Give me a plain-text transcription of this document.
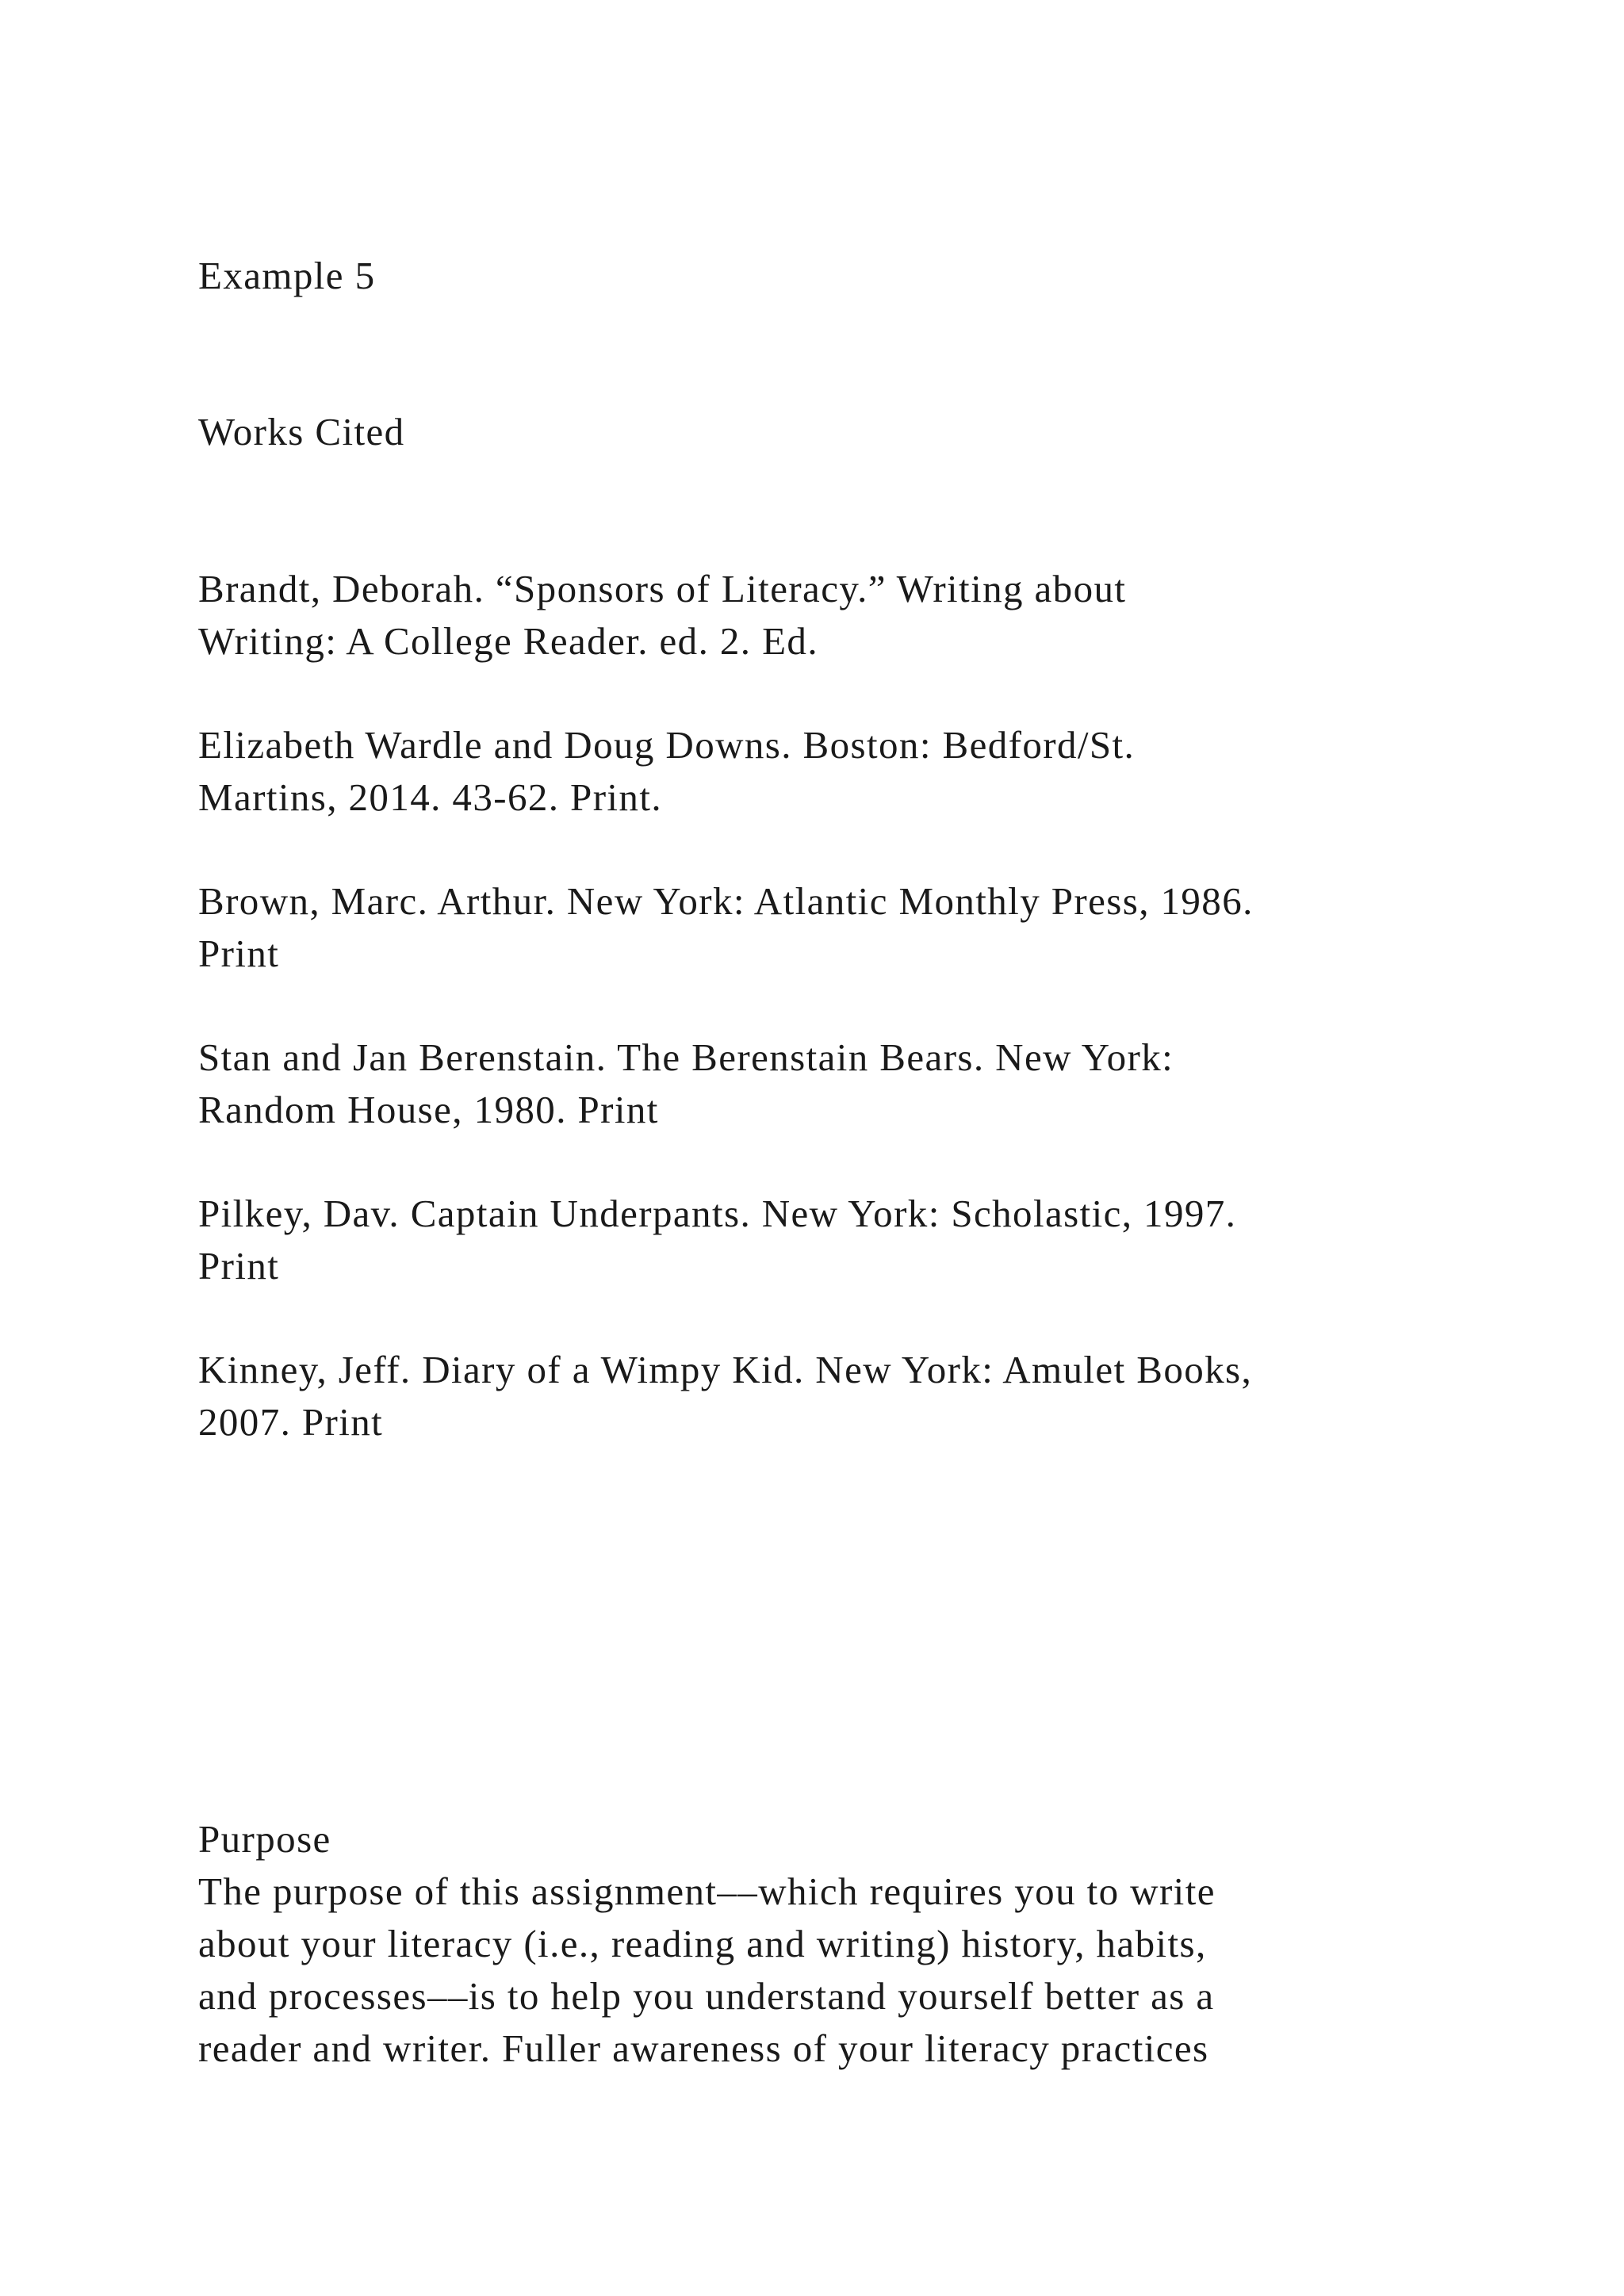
Example 5
Works Cited
Brandt, Deborah. “Sponsors of Literacy.” Writing about
Writing: A College Reader. ed. 2. Ed.
Elizabeth Wardle and Doug Downs. Boston: Bedford/St.
Martins, 2014. 43-62. Print.
Brown, Marc. Arthur. New York: Atlantic Monthly Press, 1986.
Print
Stan and Jan Berenstain. The Berenstain Bears. New York:
Random House, 1980. Print
Pilkey, Dav. Captain Underpants. New York: Scholastic, 1997.
Print
Kinney, Jeff. Diary of a Wimpy Kid. New York: Amulet Books,
2007. Print
Purpose
The purpose of this assignment––which requires you to write
about your literacy (i.e., reading and writing) history, habits,
and processes––is to help you understand yourself better as a
reader and writer. Fuller awareness of your literacy practices
